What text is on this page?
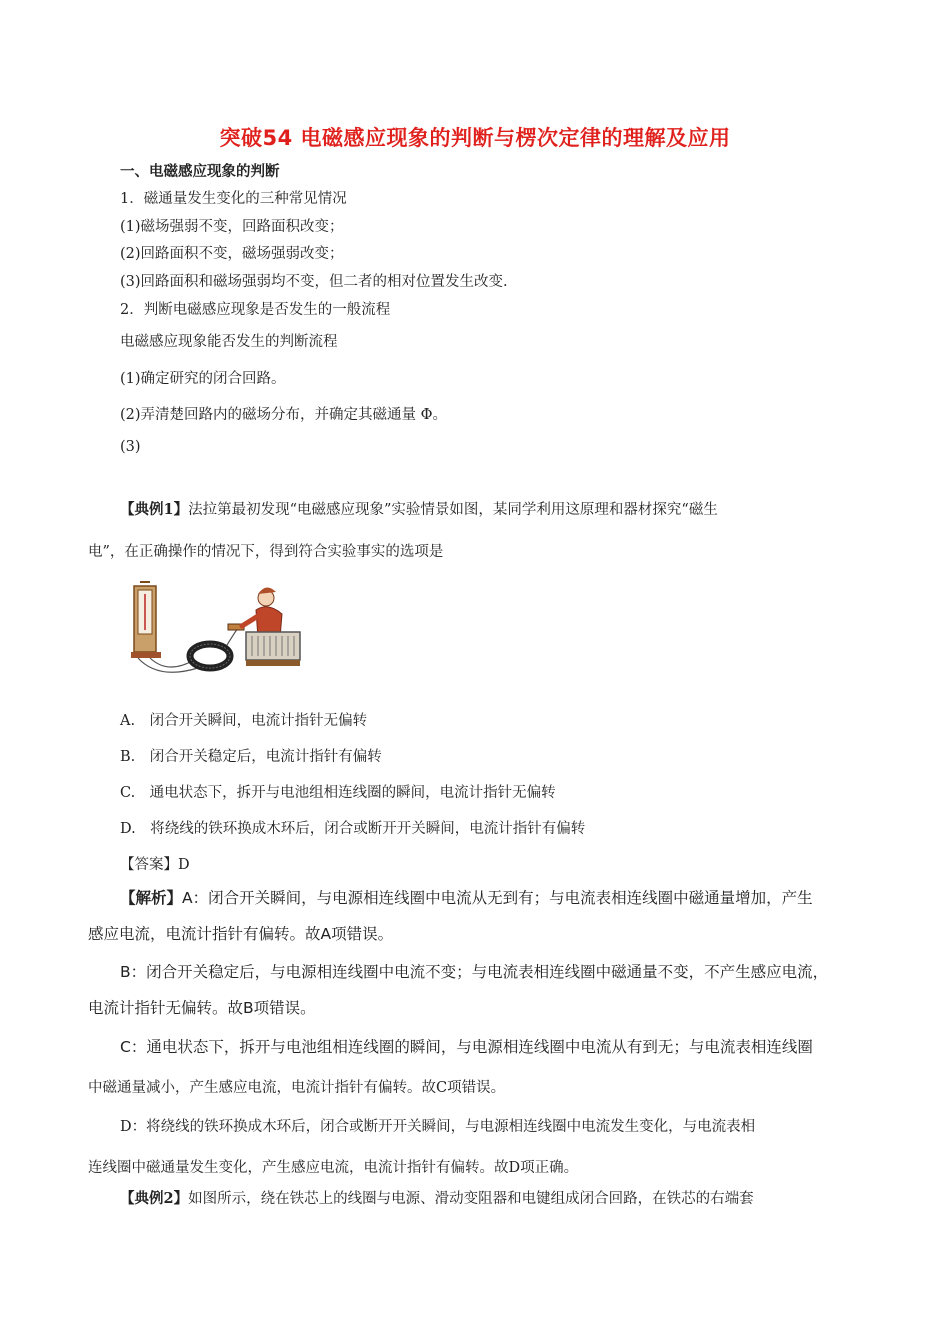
突破54 电磁感应现象的判断与楞次定律的理解及应用
一、电磁感应现象的判断
1．磁通量发生变化的三种常见情况
(1)磁场强弱不变，回路面积改变；
(2)回路面积不变，磁场强弱改变；
(3)回路面积和磁场强弱均不变，但二者的相对位置发生改变.
2．判断电磁感应现象是否发生的一般流程
电磁感应现象能否发生的判断流程
(1)确定研究的闭合回路。
(2)弄清楚回路内的磁场分布，并确定其磁通量 Φ。
(3)
【典例1】法拉第最初发现“电磁感应现象”实验情景如图，某同学利用这原理和器材探究“磁生
电”，在正确操作的情况下，得到符合实验事实的选项是
A.　闭合开关瞬间，电流计指针无偏转
B.　闭合开关稳定后，电流计指针有偏转
C.　通电状态下，拆开与电池组相连线圈的瞬间，电流计指针无偏转
D.　将绕线的铁环换成木环后，闭合或断开开关瞬间，电流计指针有偏转
【答案】D
【解析】A：闭合开关瞬间，与电源相连线圈中电流从无到有；与电流表相连线圈中磁通量增加，产生
感应电流，电流计指针有偏转。故A项错误。
B：闭合开关稳定后，与电源相连线圈中电流不变；与电流表相连线圈中磁通量不变，不产生感应电流，
电流计指针无偏转。故B项错误。
C：通电状态下，拆开与电池组相连线圈的瞬间，与电源相连线圈中电流从有到无；与电流表相连线圈
中磁通量减小，产生感应电流，电流计指针有偏转。故C项错误。
D：将绕线的铁环换成木环后，闭合或断开开关瞬间，与电源相连线圈中电流发生变化，与电流表相
连线圈中磁通量发生变化，产生感应电流，电流计指针有偏转。故D项正确。
【典例2】如图所示，绕在铁芯上的线圈与电源、滑动变阻器和电键组成闭合回路，在铁芯的右端套
